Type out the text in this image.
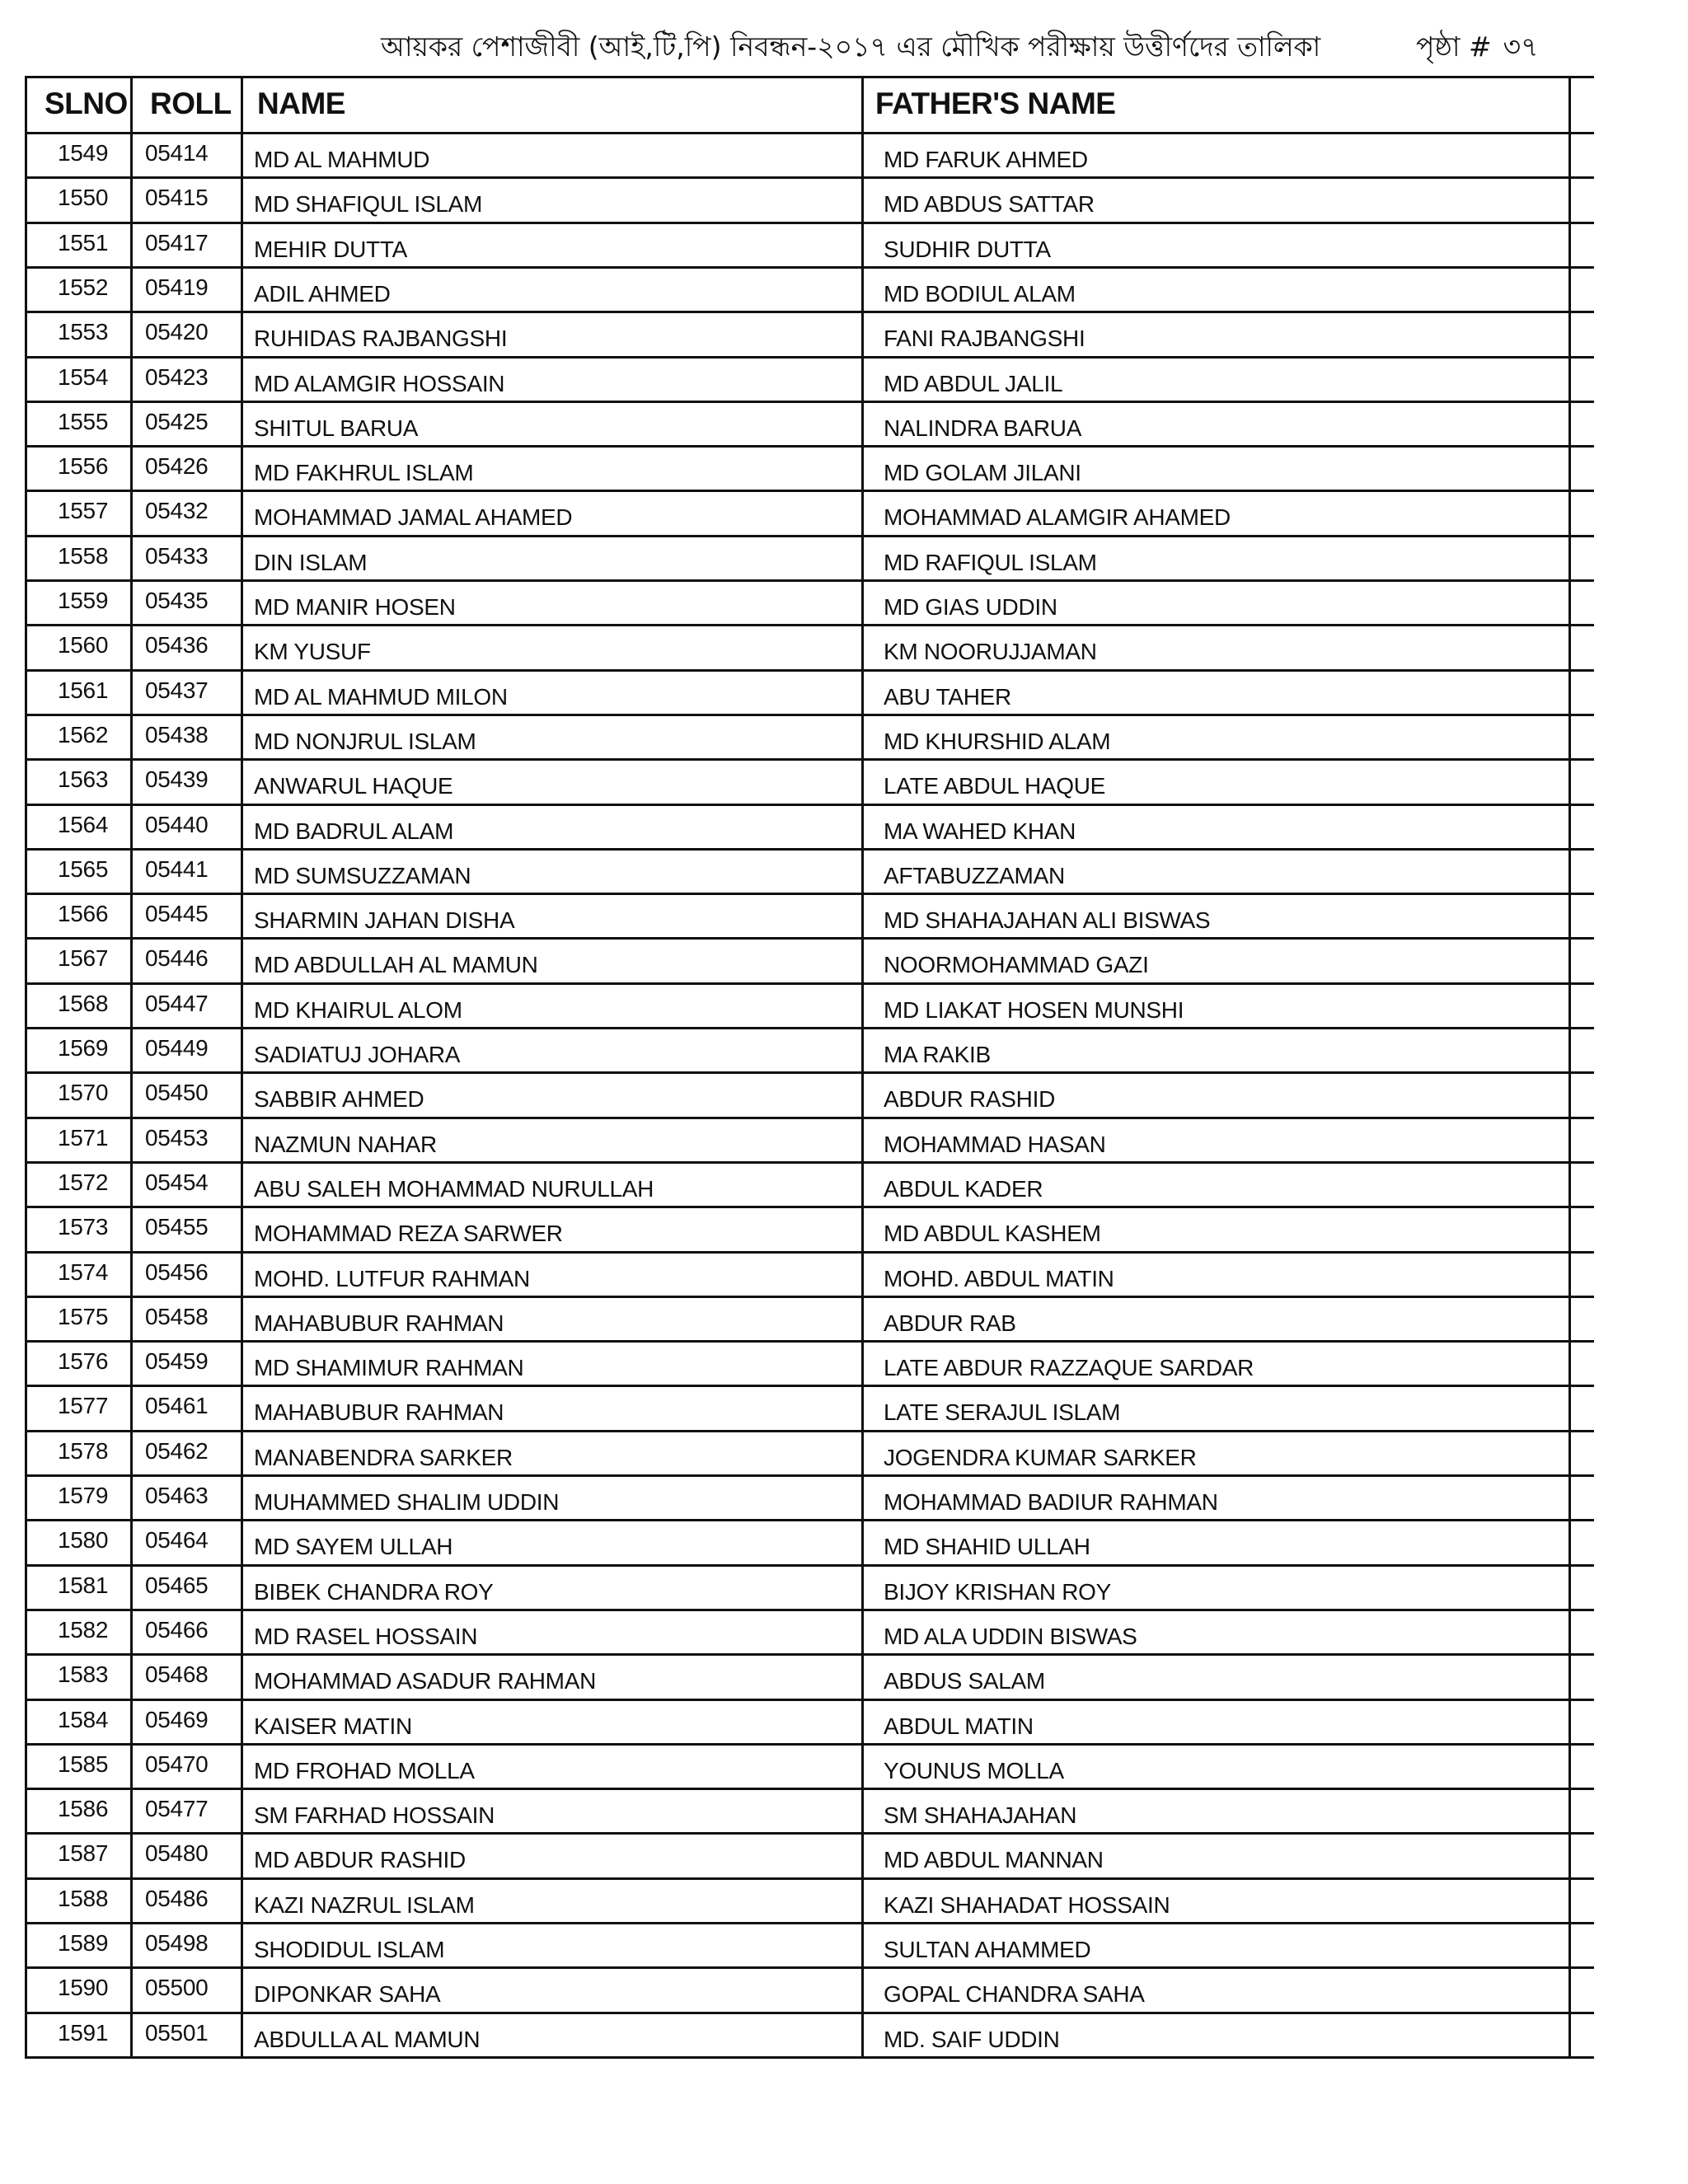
আয়কর পেশাজীবী (আই,টি,পি) নিবন্ধন-২০১৭ এর মৌখিক পরীক্ষায় উত্তীর্ণদের তালিকা	পৃষ্ঠা # ৩৭
SLNO ROLL NAME	FATHER'S NAME
1549 05414 MD AL MAHMUD	MD FARUK AHMED
1550 05415 MD SHAFIQUL ISLAM	MD ABDUS SATTAR
1551 05417 MEHIR DUTTA	SUDHIR DUTTA
1552 05419 ADIL AHMED	MD BODIUL ALAM
1553 05420 RUHIDAS RAJBANGSHI	FANI RAJBANGSHI
1554 05423 MD ALAMGIR HOSSAIN	MD ABDUL JALIL
1555 05425 SHITUL BARUA	NALINDRA BARUA
1556 05426 MD FAKHRUL ISLAM	MD GOLAM JILANI
1557 05432 MOHAMMAD JAMAL AHAMED	MOHAMMAD ALAMGIR AHAMED
1558 05433 DIN ISLAM	MD RAFIQUL ISLAM
1559 05435 MD MANIR HOSEN	MD GIAS UDDIN
1560 05436 KM YUSUF	KM NOORUJJAMAN
1561 05437 MD AL MAHMUD MILON	ABU TAHER
1562 05438 MD NONJRUL ISLAM	MD KHURSHID ALAM
1563 05439 ANWARUL HAQUE	LATE ABDUL HAQUE
1564 05440 MD BADRUL ALAM	MA WAHED KHAN
1565 05441 MD SUMSUZZAMAN	AFTABUZZAMAN
1566 05445 SHARMIN JAHAN DISHA	MD SHAHAJAHAN ALI BISWAS
1567 05446 MD ABDULLAH AL MAMUN	NOORMOHAMMAD GAZI
1568 05447 MD KHAIRUL ALOM	MD LIAKAT HOSEN MUNSHI
1569 05449 SADIATUJ JOHARA	MA RAKIB
1570 05450 SABBIR AHMED	ABDUR RASHID
1571 05453 NAZMUN NAHAR	MOHAMMAD HASAN
1572 05454 ABU SALEH MOHAMMAD NURULLAH	ABDUL KADER
1573 05455 MOHAMMAD REZA SARWER	MD ABDUL KASHEM
1574 05456 MOHD. LUTFUR RAHMAN	MOHD. ABDUL MATIN
1575 05458 MAHABUBUR RAHMAN	ABDUR RAB
1576 05459 MD SHAMIMUR RAHMAN	LATE ABDUR RAZZAQUE SARDAR
1577 05461 MAHABUBUR RAHMAN	LATE SERAJUL ISLAM
1578 05462 MANABENDRA SARKER	JOGENDRA KUMAR SARKER
1579 05463 MUHAMMED SHALIM UDDIN	MOHAMMAD BADIUR RAHMAN
1580 05464 MD SAYEM ULLAH	MD SHAHID ULLAH
1581 05465 BIBEK CHANDRA ROY	BIJOY KRISHAN ROY
1582 05466 MD RASEL HOSSAIN	MD ALA UDDIN BISWAS
1583 05468 MOHAMMAD ASADUR RAHMAN	ABDUS SALAM
1584 05469 KAISER MATIN	ABDUL MATIN
1585 05470 MD FROHAD MOLLA	YOUNUS MOLLA
1586 05477 SM FARHAD HOSSAIN	SM SHAHAJAHAN
1587 05480 MD ABDUR RASHID	MD ABDUL MANNAN
1588 05486 KAZI NAZRUL ISLAM	KAZI SHAHADAT HOSSAIN
1589 05498 SHODIDUL ISLAM	SULTAN AHAMMED
1590 05500 DIPONKAR SAHA	GOPAL CHANDRA SAHA
1591 05501 ABDULLA AL MAMUN	MD. SAIF UDDIN
